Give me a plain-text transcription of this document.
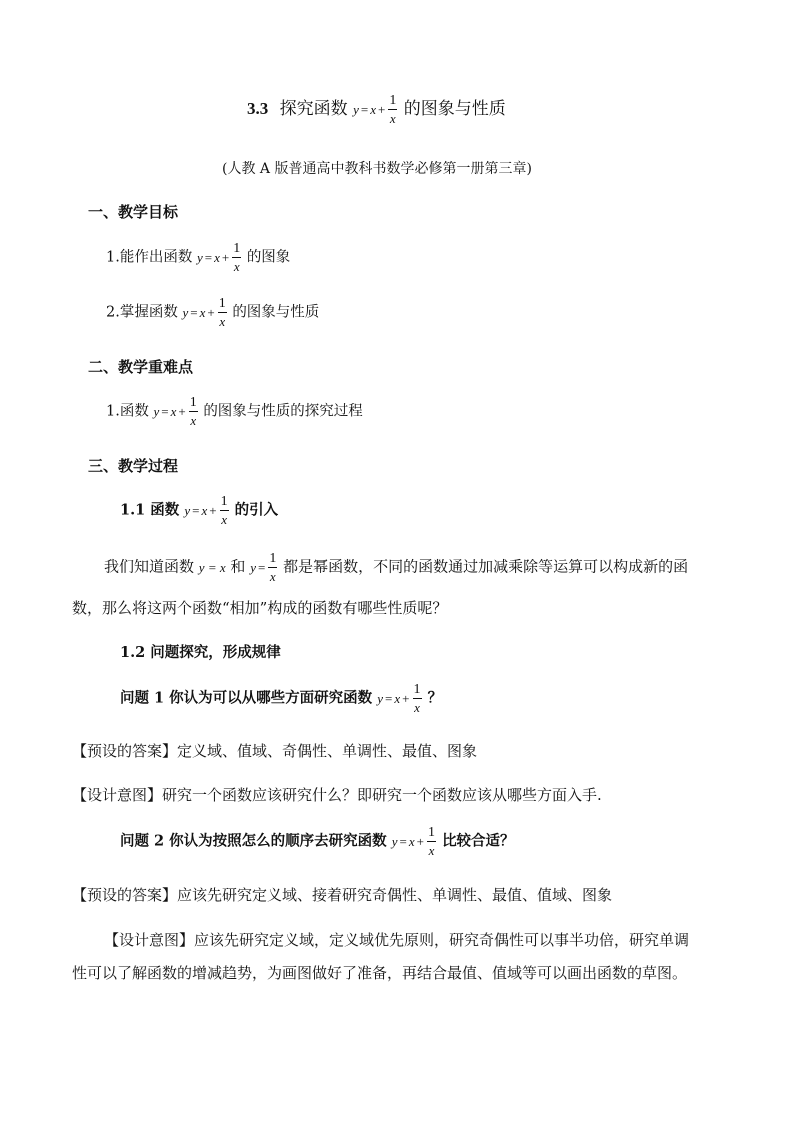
3.3 探究函数 $y = x + \frac{1}{x}$ 的图象与性质
(人教 A 版普通高中教科书数学必修第一册第三章)
一、教学目标
1.能作出函数 $y = x + \frac{1}{x}$ 的图象
2.掌握函数 $y = x + \frac{1}{x}$ 的图象与性质
二、教学重难点
1.函数 $y = x + \frac{1}{x}$ 的图象与性质的探究过程
三、教学过程
1.1 函数 $y = x + \frac{1}{x}$ 的引入
我们知道函数 y = x 和 $y = \frac{1}{x}$ 都是幂函数，不同的函数通过加减乘除等运算可以构成新的函
数，那么将这两个函数“相加”构成的函数有哪些性质呢？
1.2 问题探究，形成规律
问题 1 你认为可以从哪些方面研究函数 $y = x + \frac{1}{x}$ ？
【预设的答案】定义域、值域、奇偶性、单调性、最值、图象
【设计意图】研究一个函数应该研究什么？即研究一个函数应该从哪些方面入手.
问题 2 你认为按照怎么的顺序去研究函数 $y = x + \frac{1}{x}$ 比较合适？
【预设的答案】应该先研究定义域、接着研究奇偶性、单调性、最值、值域、图象
【设计意图】应该先研究定义域，定义域优先原则，研究奇偶性可以事半功倍，研究单调
性可以了解函数的增减趋势，为画图做好了准备，再结合最值、值域等可以画出函数的草图。
